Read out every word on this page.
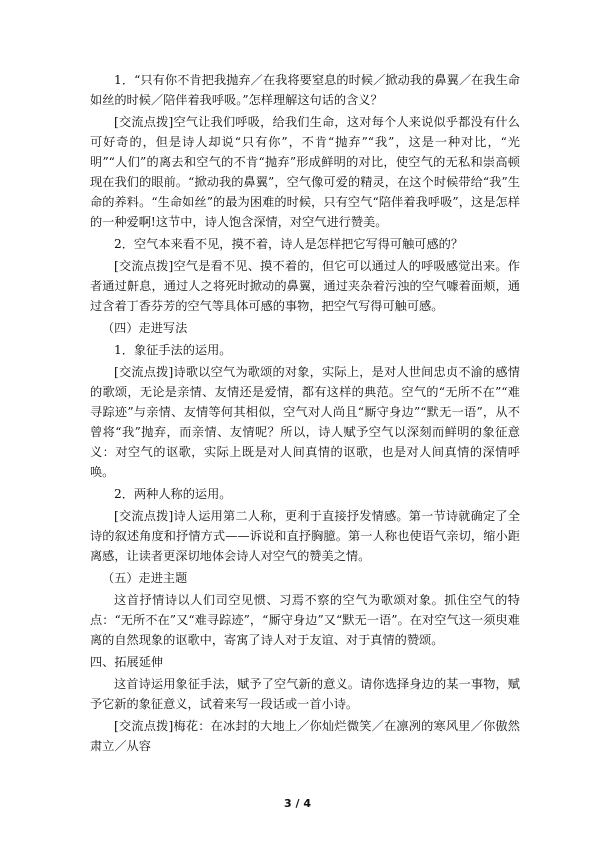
1．“只有你不肯把我抛弃／在我将要窒息的时候／掀动我的鼻翼／在我生命如丝的时候／陪伴着我呼吸。”怎样理解这句话的含义？

[交流点拨]空气让我们呼吸，给我们生命，这对每个人来说似乎都没有什么可好奇的，但是诗人却说“只有你”，不肯“抛弃”“我”，这是一种对比，“光明”“人们”的离去和空气的不肯“抛弃”形成鲜明的对比，使空气的无私和崇高顿现在我们的眼前。“掀动我的鼻翼”，空气像可爱的精灵，在这个时候带给“我”生命的养料。“生命如丝”的最为困难的时候，只有空气“陪伴着我呼吸”，这是怎样的一种爱啊!这节中，诗人饱含深情，对空气进行赞美。

2．空气本来看不见，摸不着，诗人是怎样把它写得可触可感的？

[交流点拨]空气是看不见、摸不着的，但它可以通过人的呼吸感觉出来。作者通过鼾息，通过人之将死时掀动的鼻翼，通过夹杂着污浊的空气噱着面颊，通过含着丁香芬芳的空气等具体可感的事物，把空气写得可触可感。

（四）走进写法

1．象征手法的运用。

[交流点拨]诗歌以空气为歌颂的对象，实际上，是对人世间忠贞不渝的感情的歌颂，无论是亲情、友情还是爱情，都有这样的典范。空气的“无所不在”“难寻踪迹”与亲情、友情等何其相似，空气对人尚且“厮守身边”“默无一语”，从不曾将“我”抛弃，而亲情、友情呢？所以，诗人赋予空气以深刻而鲜明的象征意义：对空气的讴歌，实际上既是对人间真情的讴歌，也是对人间真情的深情呼唤。

2．两种人称的运用。

[交流点拨]诗人运用第二人称，更利于直接抒发情感。第一节诗就确定了全诗的叙述角度和抒情方式——诉说和直抒胸臆。第一人称也使语气亲切，缩小距离感，让读者更深切地体会诗人对空气的赞美之情。

（五）走进主题

这首抒情诗以人们司空见惯、习焉不察的空气为歌颂对象。抓住空气的特点：“无所不在”又“难寻踪迹”，“厮守身边”又“默无一语”。在对空气这一须臾难离的自然现象的讴歌中，寄寓了诗人对于友谊、对于真情的赞颂。

四、拓展延伸

这首诗运用象征手法，赋予了空气新的意义。请你选择身边的某一事物，赋予它新的象征意义，试着来写一段话或一首小诗。

[交流点拨]梅花：在冰封的大地上／你灿烂微笑／在凛冽的寒风里／你傲然肃立／从容

3 / 4
